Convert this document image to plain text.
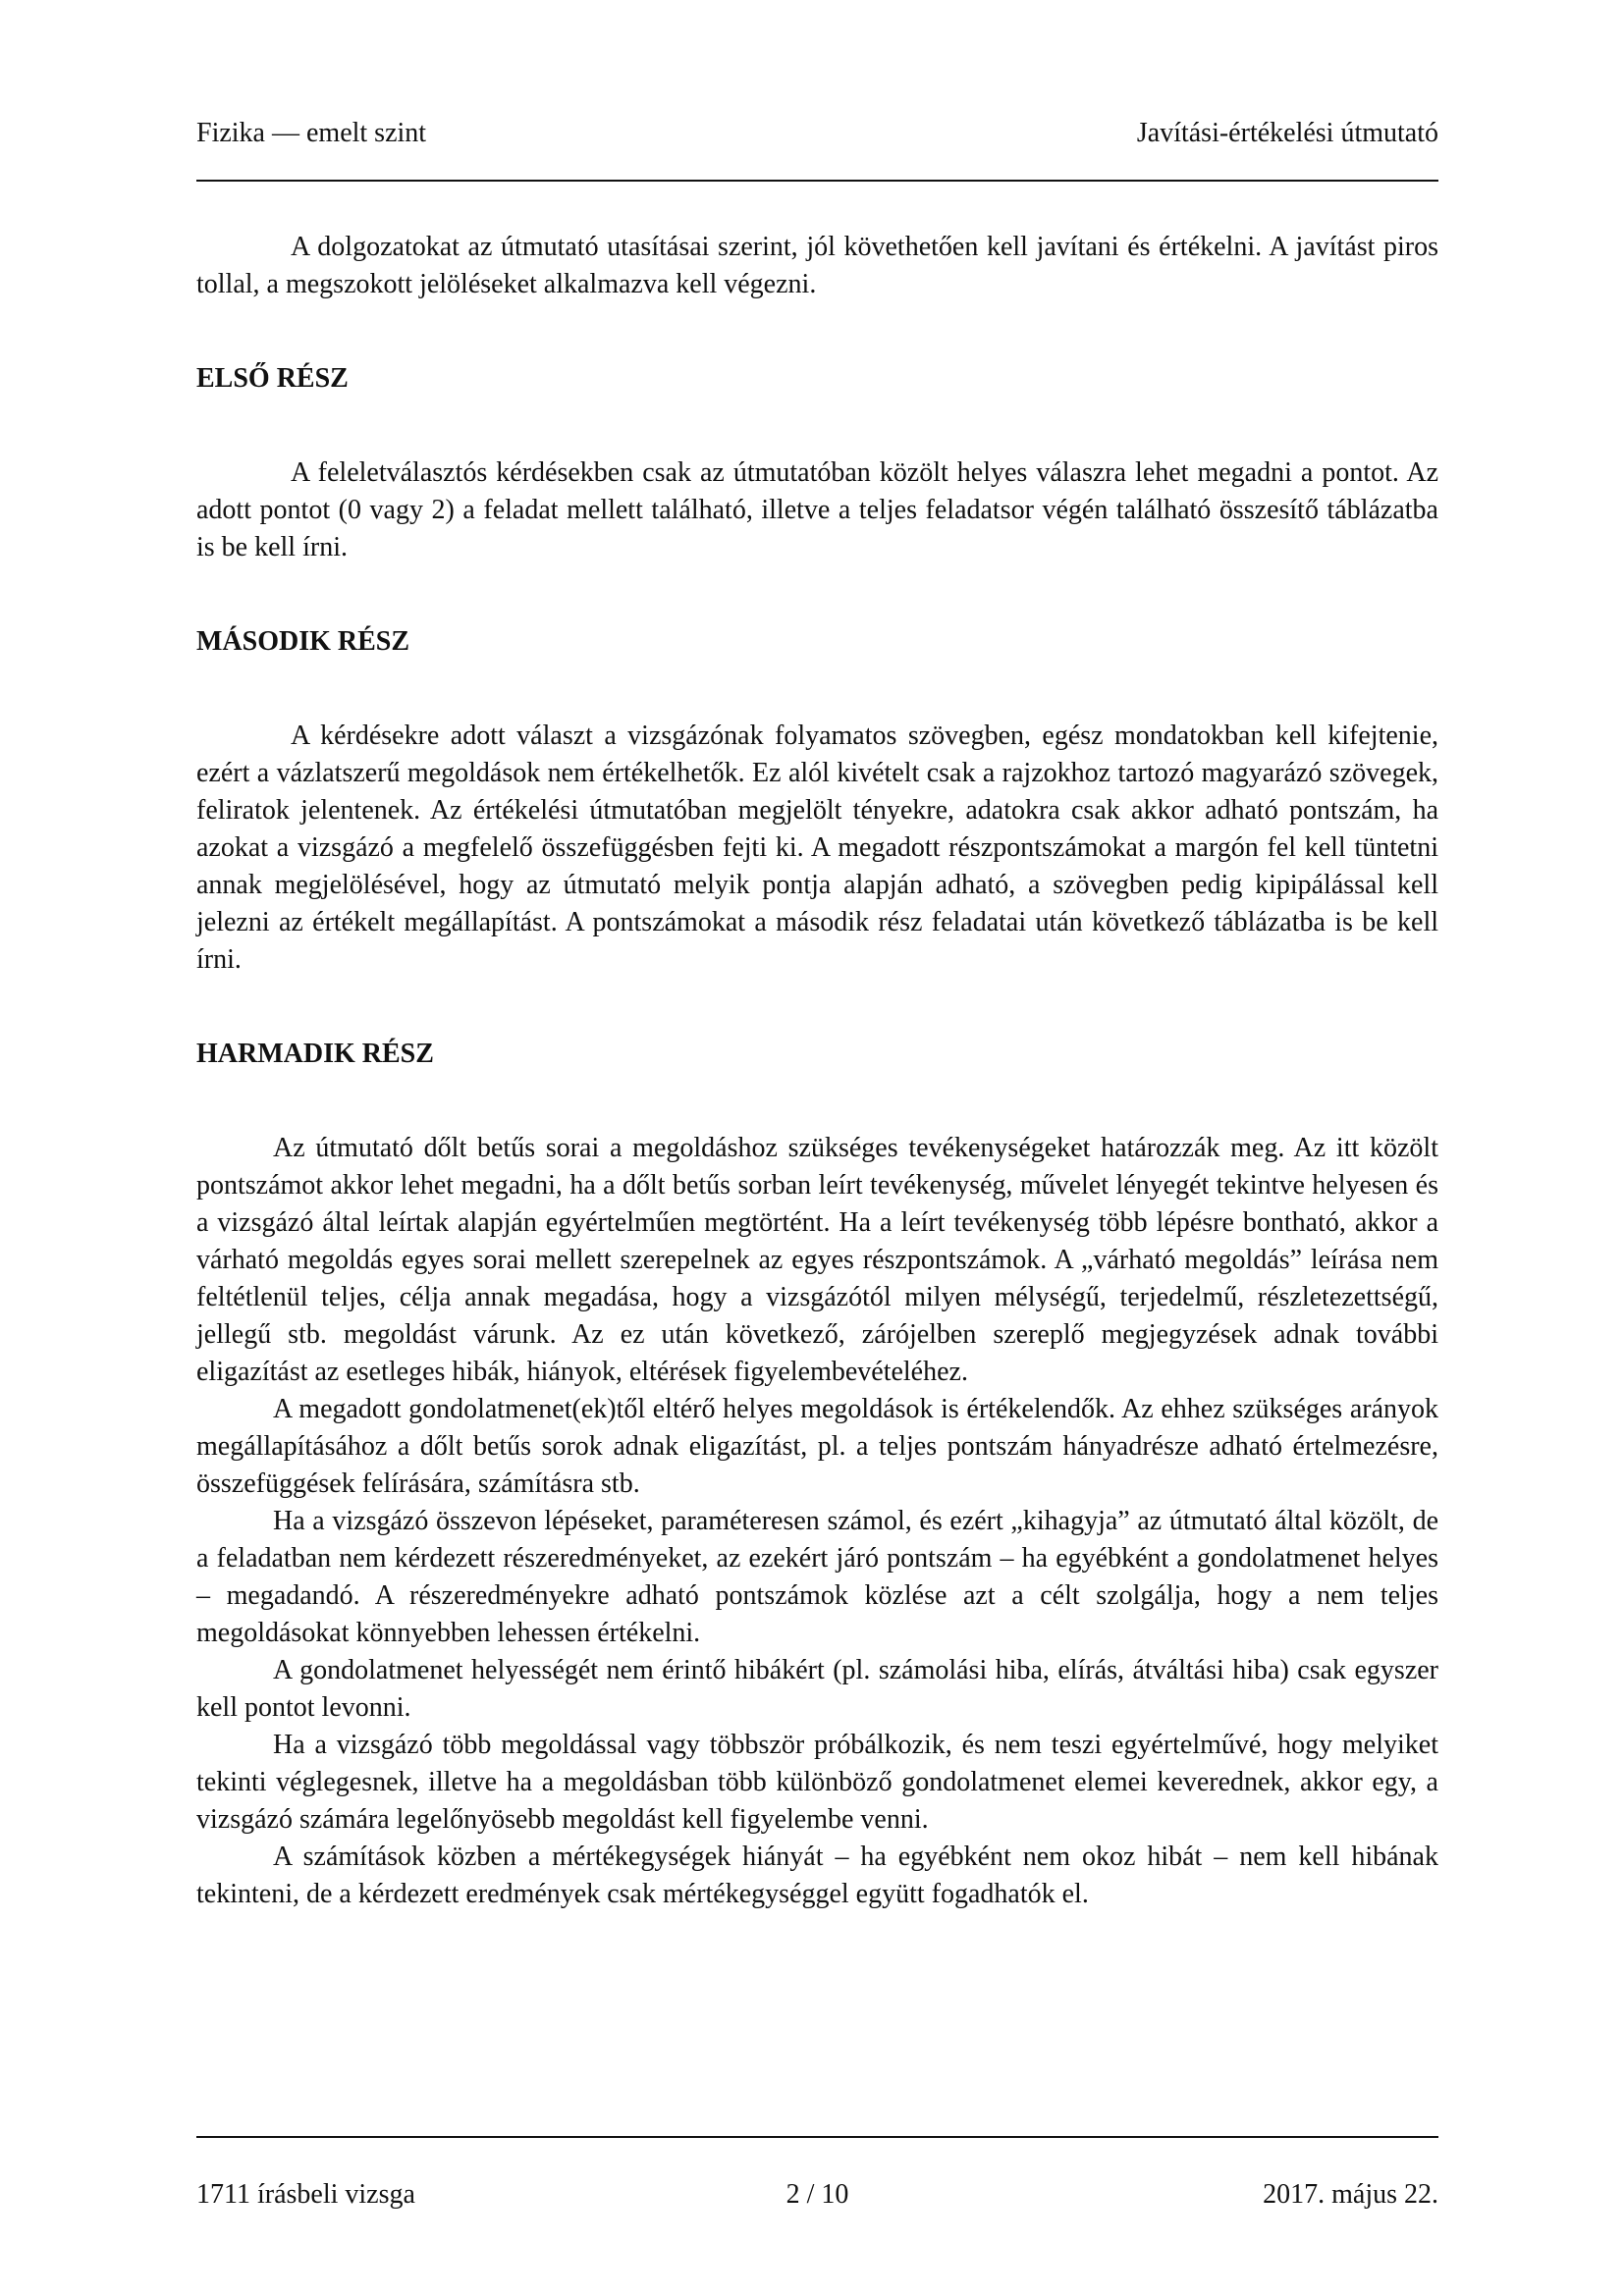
Fizika — emelt szint	Javítási-értékelési útmutató

A dolgozatokat az útmutató utasításai szerint, jól követhetően kell javítani és értékelni. A javítást piros tollal, a megszokott jelöléseket alkalmazva kell végezni.

ELSŐ RÉSZ

A feleletválasztós kérdésekben csak az útmutatóban közölt helyes válaszra lehet megadni a pontot. Az adott pontot (0 vagy 2) a feladat mellett található, illetve a teljes feladatsor végén található összesítő táblázatba is be kell írni.

MÁSODIK RÉSZ

A kérdésekre adott választ a vizsgázónak folyamatos szövegben, egész mondatokban kell kifejtenie, ezért a vázlatszerű megoldások nem értékelhetők. Ez alól kivételt csak a rajzokhoz tartozó magyarázó szövegek, feliratok jelentenek. Az értékelési útmutatóban megjelölt tényekre, adatokra csak akkor adható pontszám, ha azokat a vizsgázó a megfelelő összefüggésben fejti ki. A megadott részpontszámokat a margón fel kell tüntetni annak megjelölésével, hogy az útmutató melyik pontja alapján adható, a szövegben pedig kipipálással kell jelezni az értékelt megállapítást. A pontszámokat a második rész feladatai után következő táblázatba is be kell írni.

HARMADIK RÉSZ

Az útmutató dőlt betűs sorai a megoldáshoz szükséges tevékenységeket határozzák meg. Az itt közölt pontszámot akkor lehet megadni, ha a dőlt betűs sorban leírt tevékenység, művelet lényegét tekintve helyesen és a vizsgázó által leírtak alapján egyértelműen megtörtént. Ha a leírt tevékenység több lépésre bontható, akkor a várható megoldás egyes sorai mellett szerepelnek az egyes részpontszámok. A „várható megoldás” leírása nem feltétlenül teljes, célja annak megadása, hogy a vizsgázótól milyen mélységű, terjedelmű, részletezettségű, jellegű stb. megoldást várunk. Az ez után következő, zárójelben szereplő megjegyzések adnak további eligazítást az esetleges hibák, hiányok, eltérések figyelembevételéhez.

A megadott gondolatmenet(ek)től eltérő helyes megoldások is értékelendők. Az ehhez szükséges arányok megállapításához a dőlt betűs sorok adnak eligazítást, pl. a teljes pontszám hányadrésze adható értelmezésre, összefüggések felírására, számításra stb.

Ha a vizsgázó összevon lépéseket, paraméteresen számol, és ezért „kihagyja” az útmutató által közölt, de a feladatban nem kérdezett részeredményeket, az ezekért járó pontszám – ha egyébként a gondolatmenet helyes – megadandó. A részeredményekre adható pontszámok közlése azt a célt szolgálja, hogy a nem teljes megoldásokat könnyebben lehessen értékelni.

A gondolatmenet helyességét nem érintő hibákért (pl. számolási hiba, elírás, átváltási hiba) csak egyszer kell pontot levonni.

Ha a vizsgázó több megoldással vagy többször próbálkozik, és nem teszi egyértelművé, hogy melyiket tekinti véglegesnek, illetve ha a megoldásban több különböző gondolatmenet elemei keverednek, akkor egy, a vizsgázó számára legelőnyösebb megoldást kell figyelembe venni.

A számítások közben a mértékegységek hiányát – ha egyébként nem okoz hibát – nem kell hibának tekinteni, de a kérdezett eredmények csak mértékegységgel együtt fogadhatók el.

1711 írásbeli vizsga	2 / 10	2017. május 22.
